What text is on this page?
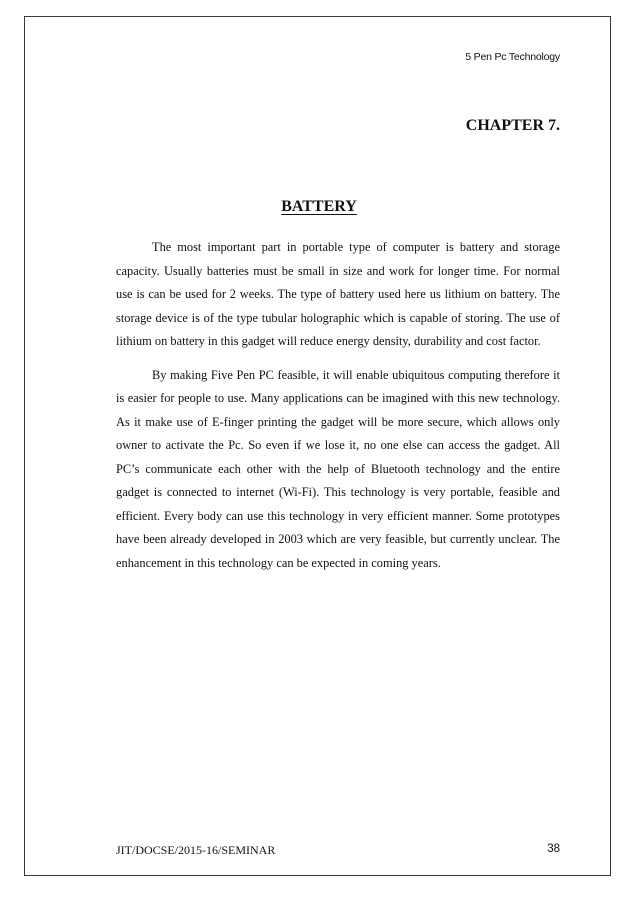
5 Pen Pc Technology
CHAPTER 7.
BATTERY

The most important part in portable type of computer is battery and storage capacity. Usually batteries must be small in size and work for longer time. For normal use is can be used for 2 weeks. The type of battery used here us lithium on battery. The storage device is of the type tubular holographic which is capable of storing. The use of lithium on battery in this gadget will reduce energy density, durability and cost factor.

By making Five Pen PC feasible, it will enable ubiquitous computing therefore it is easier for people to use. Many applications can be imagined with this new technology. As it make use of E-finger printing the gadget will be more secure, which allows only owner to activate the Pc. So even if we lose it, no one else can access the gadget. All PC’s communicate each other with the help of Bluetooth technology and the entire gadget is connected to internet (Wi-Fi). This technology is very portable, feasible and efficient. Every body can use this technology in very efficient manner. Some prototypes have been already developed in 2003 which are very feasible, but currently unclear. The enhancement in this technology can be expected in coming years.

JIT/DOCSE/2015-16/SEMINAR	38
